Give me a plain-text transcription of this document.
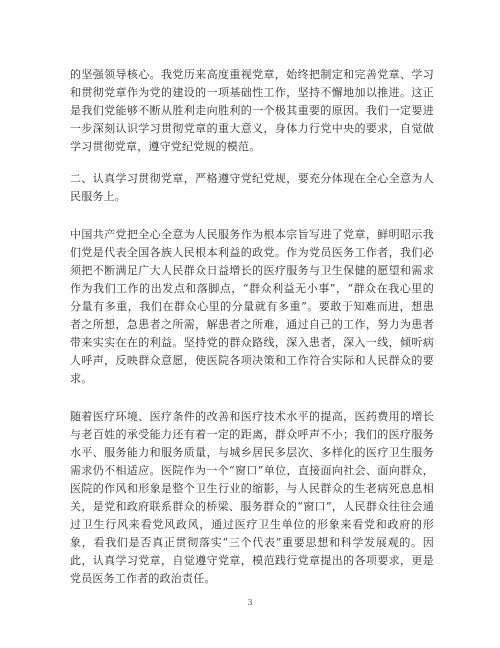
的坚强领导核心。我党历来高度重视党章，始终把制定和完善党章、学习和贯彻党章作为党的建设的一项基础性工作，坚持不懈地加以推进。这正是我们党能够不断从胜利走向胜利的一个极其重要的原因。我们一定要进一步深刻认识学习贯彻党章的重大意义，身体力行党中央的要求，自觉做学习贯彻党章，遵守党纪党规的模范。

二、认真学习贯彻党章，严格遵守党纪党规，要充分体现在全心全意为人民服务上。

中国共产党把全心全意为人民服务作为根本宗旨写进了党章，鲜明昭示我们党是代表全国各族人民根本利益的政党。作为党员医务工作者，我们必须把不断满足广大人民群众日益增长的医疗服务与卫生保健的愿望和需求作为我们工作的出发点和落脚点，“群众利益无小事”，“群众在我心里的分量有多重，我们在群众心里的分量就有多重”。要敢于知难而进，想患者之所想，急患者之所需，解患者之所难，通过自己的工作，努力为患者带来实实在在的利益。坚持党的群众路线，深入患者，深入一线，倾听病人呼声，反映群众意愿，使医院各项决策和工作符合实际和人民群众的要求。

随着医疗环境、医疗条件的改善和医疗技术水平的提高，医药费用的增长与老百姓的承受能力还有着一定的距离，群众呼声不小；我们的医疗服务水平、服务能力和服务质量，与城乡居民多层次、多样化的医疗卫生服务需求仍不相适应。医院作为一个“窗口”单位，直接面向社会、面向群众，医院的作风和形象是整个卫生行业的缩影，与人民群众的生老病死息息相关，是党和政府联系群众的桥梁、服务群众的“窗口”，人民群众往往会通过卫生行风来看党风政风，通过医疗卫生单位的形象来看党和政府的形象，看我们是否真正贯彻落实“三个代表”重要思想和科学发展观的。因此，认真学习党章，自觉遵守党章，模范践行党章提出的各项要求，更是党员医务工作者的政治责任。

3
